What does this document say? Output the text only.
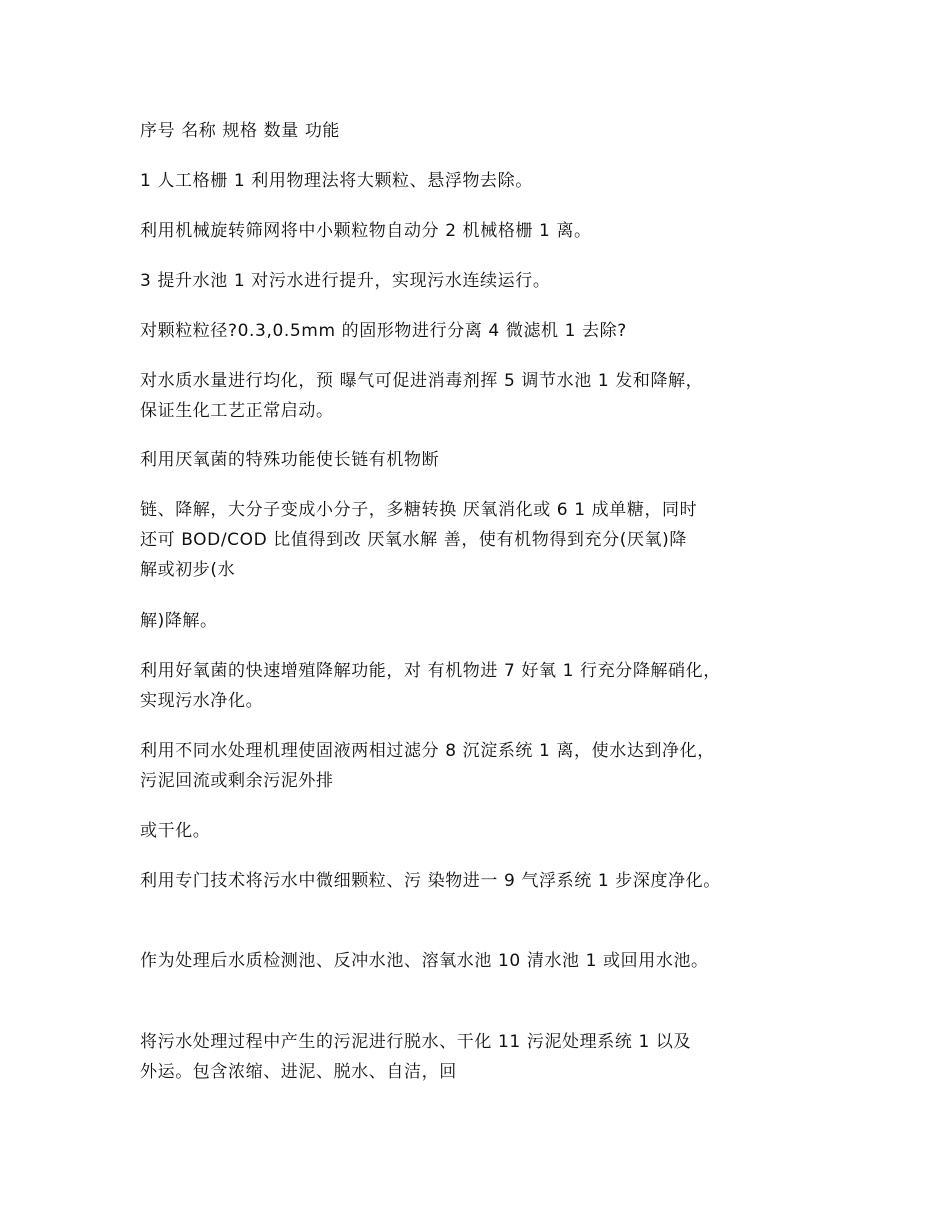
序号 名称 规格 数量 功能
1 人工格栅 1 利用物理法将大颗粒、悬浮物去除。
利用机械旋转筛网将中小颗粒物自动分 2 机械格栅 1 离。
3 提升水池 1 对污水进行提升，实现污水连续运行。
对颗粒粒径?0.3,0.5mm 的固形物进行分离 4 微滤机 1 去除?
对水质水量进行均化，预 曝气可促进消毒剂挥 5 调节水池 1 发和降解，
保证生化工艺正常启动。
利用厌氧菌的特殊功能使长链有机物断
链、降解，大分子变成小分子，多糖转换 厌氧消化或 6 1 成单糖，同时
还可 BOD/COD 比值得到改 厌氧水解 善，使有机物得到充分(厌氧)降
解或初步(水
解)降解。
利用好氧菌的快速增殖降解功能，对 有机物进 7 好氧 1 行充分降解硝化，
实现污水净化。
利用不同水处理机理使固液两相过滤分 8 沉淀系统 1 离，使水达到净化，
污泥回流或剩余污泥外排
或干化。
利用专门技术将污水中微细颗粒、污 染物进一 9 气浮系统 1 步深度净化。
作为处理后水质检测池、反冲水池、溶氧水池 10 清水池 1 或回用水池。
将污水处理过程中产生的污泥进行脱水、干化 11 污泥处理系统 1 以及
外运。包含浓缩、进泥、脱水、自洁，回
